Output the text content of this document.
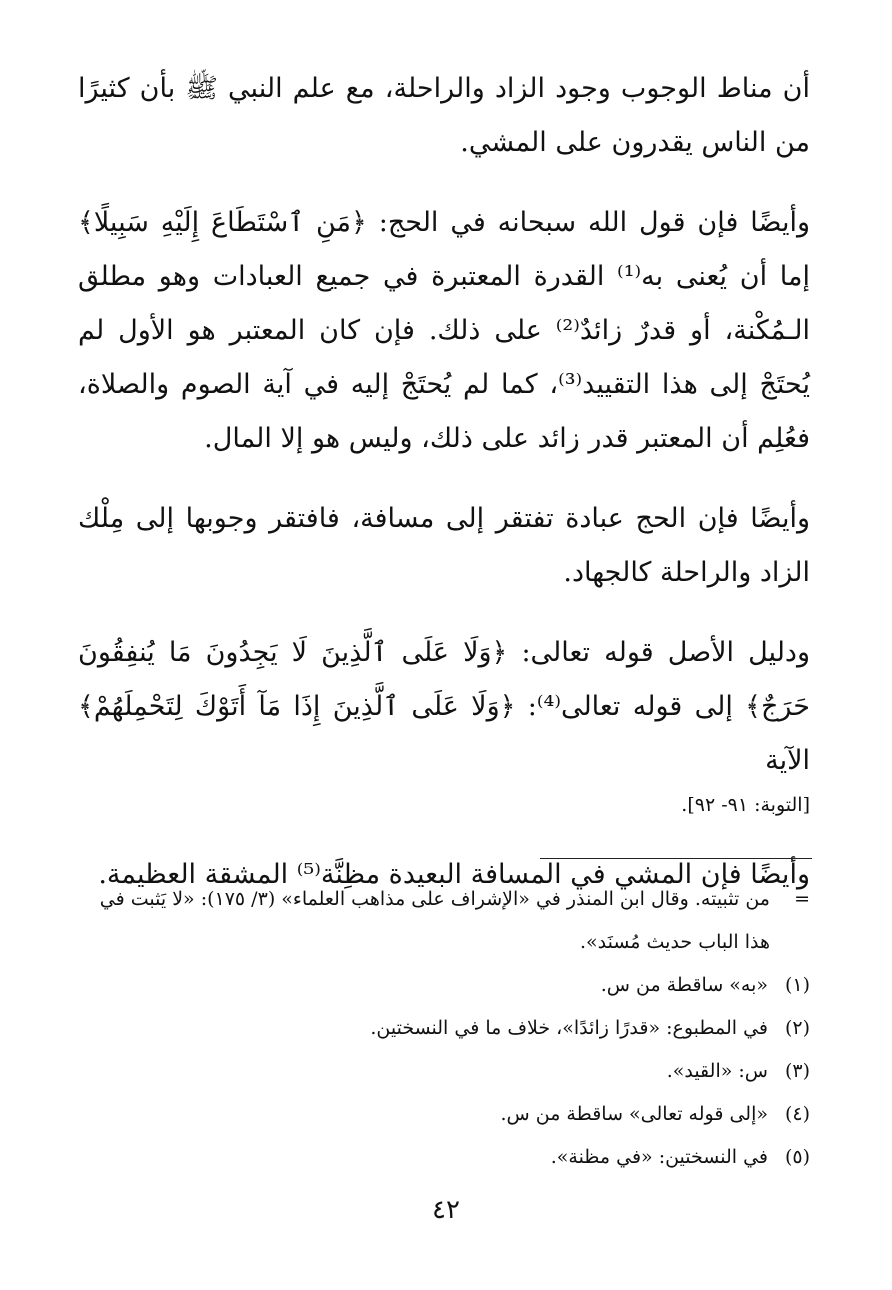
أن مناط الوجوب وجود الزاد والراحلة، مع علم النبي ﷺ بأن كثيرًا من الناس يقدرون على المشي.

وأيضًا فإن قول الله سبحانه في الحج: ﴿مَنِ ٱسْتَطَاعَ إِلَيْهِ سَبِيلًا﴾ إما أن يُعنى به⁽¹⁾ القدرة المعتبرة في جميع العبادات وهو مطلق الـمُكْنة، أو قدرٌ زائدٌ⁽²⁾ على ذلك. فإن كان المعتبر هو الأول لم يُحتَجْ إلى هذا التقييد⁽³⁾، كما لم يُحتَجْ إليه في آية الصوم والصلاة، فعُلِم أن المعتبر قدر زائد على ذلك، وليس هو إلا المال.

وأيضًا فإن الحج عبادة تفتقر إلى مسافة، فافتقر وجوبها إلى مِلْك الزاد والراحلة كالجهاد.

ودليل الأصل قوله تعالى: ﴿وَلَا عَلَى ٱلَّذِينَ لَا يَجِدُونَ مَا يُنفِقُونَ حَرَجٌ﴾ إلى قوله تعالى⁽⁴⁾: ﴿وَلَا عَلَى ٱلَّذِينَ إِذَا مَآ أَتَوْكَ لِتَحْمِلَهُمْ﴾ الآية
[التوبة: ٩١- ٩٢].

وأيضًا فإن المشي في المسافة البعيدة مظِنَّة⁽⁵⁾ المشقة العظيمة.

=
من تثبيته. وقال ابن المنذر في «الإشراف على مذاهب العلماء» (٣/ ١٧٥): «لا يَثبت في هذا الباب حديث مُسنَد».
(١)
«به» ساقطة من س.
(٢)
في المطبوع: «قدرًا زائدًا»، خلاف ما في النسختين.
(٣)
س: «القيد».
(٤)
«إلى قوله تعالى» ساقطة من س.
(٥)
في النسختين: «في مظنة».
٤٢
